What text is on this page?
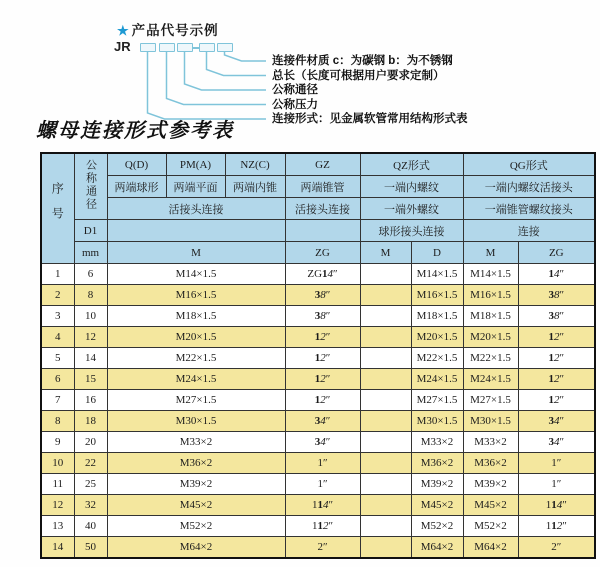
★ 产品代号示例
JR
连接件材质 c：为碳钢 b：为不锈钢
总长（长度可根据用户要求定制）
公称通径
公称压力
连接形式：见金属软管常用结构形式表
螺母连接形式参考表
序号	公称通径	Q(D)	PM(A)	NZ(C)	GZ	QZ形式		QG形式	
		两端球形	两端平面	两端内锥	两端锥管	一端内螺纹		一端内螺纹活接头	
		活接头连接			活接头连接	一端外螺纹		一端锥管螺纹接头	
	D1					球形接头连接		连接	
	mm	M			ZG	M	D	M	ZG
1	6	M14×1.5			ZG14″		M14×1.5	M14×1.5	14″
2	8	M16×1.5			38″		M16×1.5	M16×1.5	38″
3	10	M18×1.5			38″		M18×1.5	M18×1.5	38″
4	12	M20×1.5			12″		M20×1.5	M20×1.5	12″
5	14	M22×1.5			12″		M22×1.5	M22×1.5	12″
6	15	M24×1.5			12″		M24×1.5	M24×1.5	12″
7	16	M27×1.5			12″		M27×1.5	M27×1.5	12″
8	18	M30×1.5			34″		M30×1.5	M30×1.5	34″
9	20	M33×2			34″		M33×2	M33×2	34″
10	22	M36×2			1″		M36×2	M36×2	1″
11	25	M39×2			1″		M39×2	M39×2	1″
12	32	M45×2			114″		M45×2	M45×2	114″
13	40	M52×2			112″		M52×2	M52×2	112″
14	50	M64×2			2″		M64×2	M64×2	2″
